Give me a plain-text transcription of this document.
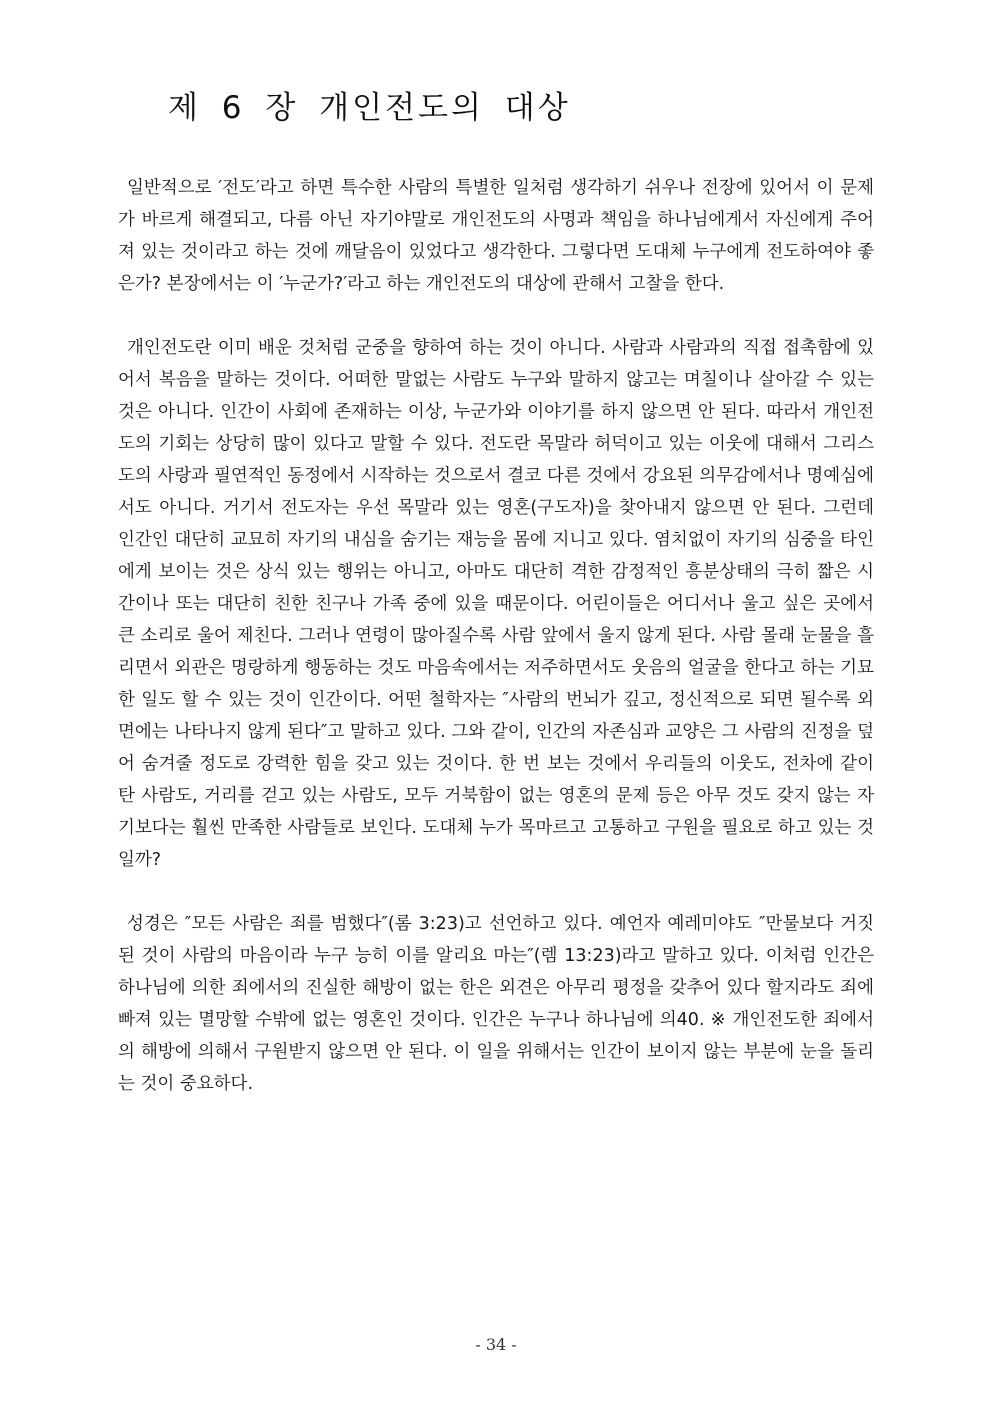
제 6 장 개인전도의 대상

일반적으로 ′전도′라고 하면 특수한 사람의 특별한 일처럼 생각하기 쉬우나 전장에 있어서 이 문제가 바르게 해결되고, 다름 아닌 자기야말로 개인전도의 사명과 책임을 하나님에게서 자신에게 주어져 있는 것이라고 하는 것에 깨달음이 있었다고 생각한다. 그렇다면 도대체 누구에게 전도하여야 좋은가? 본장에서는 이 ′누군가?′라고 하는 개인전도의 대상에 관해서 고찰을 한다.

개인전도란 이미 배운 것처럼 군중을 향하여 하는 것이 아니다. 사람과 사람과의 직접 접촉함에 있어서 복음을 말하는 것이다. 어떠한 말없는 사람도 누구와 말하지 않고는 며칠이나 살아갈 수 있는 것은 아니다. 인간이 사회에 존재하는 이상, 누군가와 이야기를 하지 않으면 안 된다. 따라서 개인전도의 기회는 상당히 많이 있다고 말할 수 있다. 전도란 목말라 허덕이고 있는 이웃에 대해서 그리스도의 사랑과 필연적인 동정에서 시작하는 것으로서 결코 다른 것에서 강요된 의무감에서나 명예심에서도 아니다. 거기서 전도자는 우선 목말라 있는 영혼(구도자)을 찾아내지 않으면 안 된다. 그런데 인간인 대단히 교묘히 자기의 내심을 숨기는 재능을 몸에 지니고 있다. 염치없이 자기의 심중을 타인에게 보이는 것은 상식 있는 행위는 아니고, 아마도 대단히 격한 감정적인 흥분상태의 극히 짧은 시간이나 또는 대단히 친한 친구나 가족 중에 있을 때문이다. 어린이들은 어디서나 울고 싶은 곳에서 큰 소리로 울어 제친다. 그러나 연령이 많아질수록 사람 앞에서 울지 않게 된다. 사람 몰래 눈물을 흘리면서 외관은 명랑하게 행동하는 것도 마음속에서는 저주하면서도 웃음의 얼굴을 한다고 하는 기묘한 일도 할 수 있는 것이 인간이다. 어떤 철학자는 ″사람의 번뇌가 깊고, 정신적으로 되면 될수록 외면에는 나타나지 않게 된다″고 말하고 있다. 그와 같이, 인간의 자존심과 교양은 그 사람의 진정을 덮어 숨겨줄 정도로 강력한 힘을 갖고 있는 것이다. 한 번 보는 것에서 우리들의 이웃도, 전차에 같이 탄 사람도, 거리를 걷고 있는 사람도, 모두 거북함이 없는 영혼의 문제 등은 아무 것도 갖지 않는 자기보다는 훨씬 만족한 사람들로 보인다. 도대체 누가 목마르고 고통하고 구원을 필요로 하고 있는 것일까?

성경은 ″모든 사람은 죄를 범했다″(롬 3:23)고 선언하고 있다. 예언자 예레미야도 ″만물보다 거짓된 것이 사람의 마음이라 누구 능히 이를 알리요 마는″(렘 13:23)라고 말하고 있다. 이처럼 인간은 하나님에 의한 죄에서의 진실한 해방이 없는 한은 외견은 아무리 평정을 갖추어 있다 할지라도 죄에 빠져 있는 멸망할 수밖에 없는 영혼인 것이다. 인간은 누구나 하나님에 의40. ※ 개인전도한 죄에서의 해방에 의해서 구원받지 않으면 안 된다. 이 일을 위해서는 인간이 보이지 않는 부분에 눈을 돌리는 것이 중요하다.

- 34 -
